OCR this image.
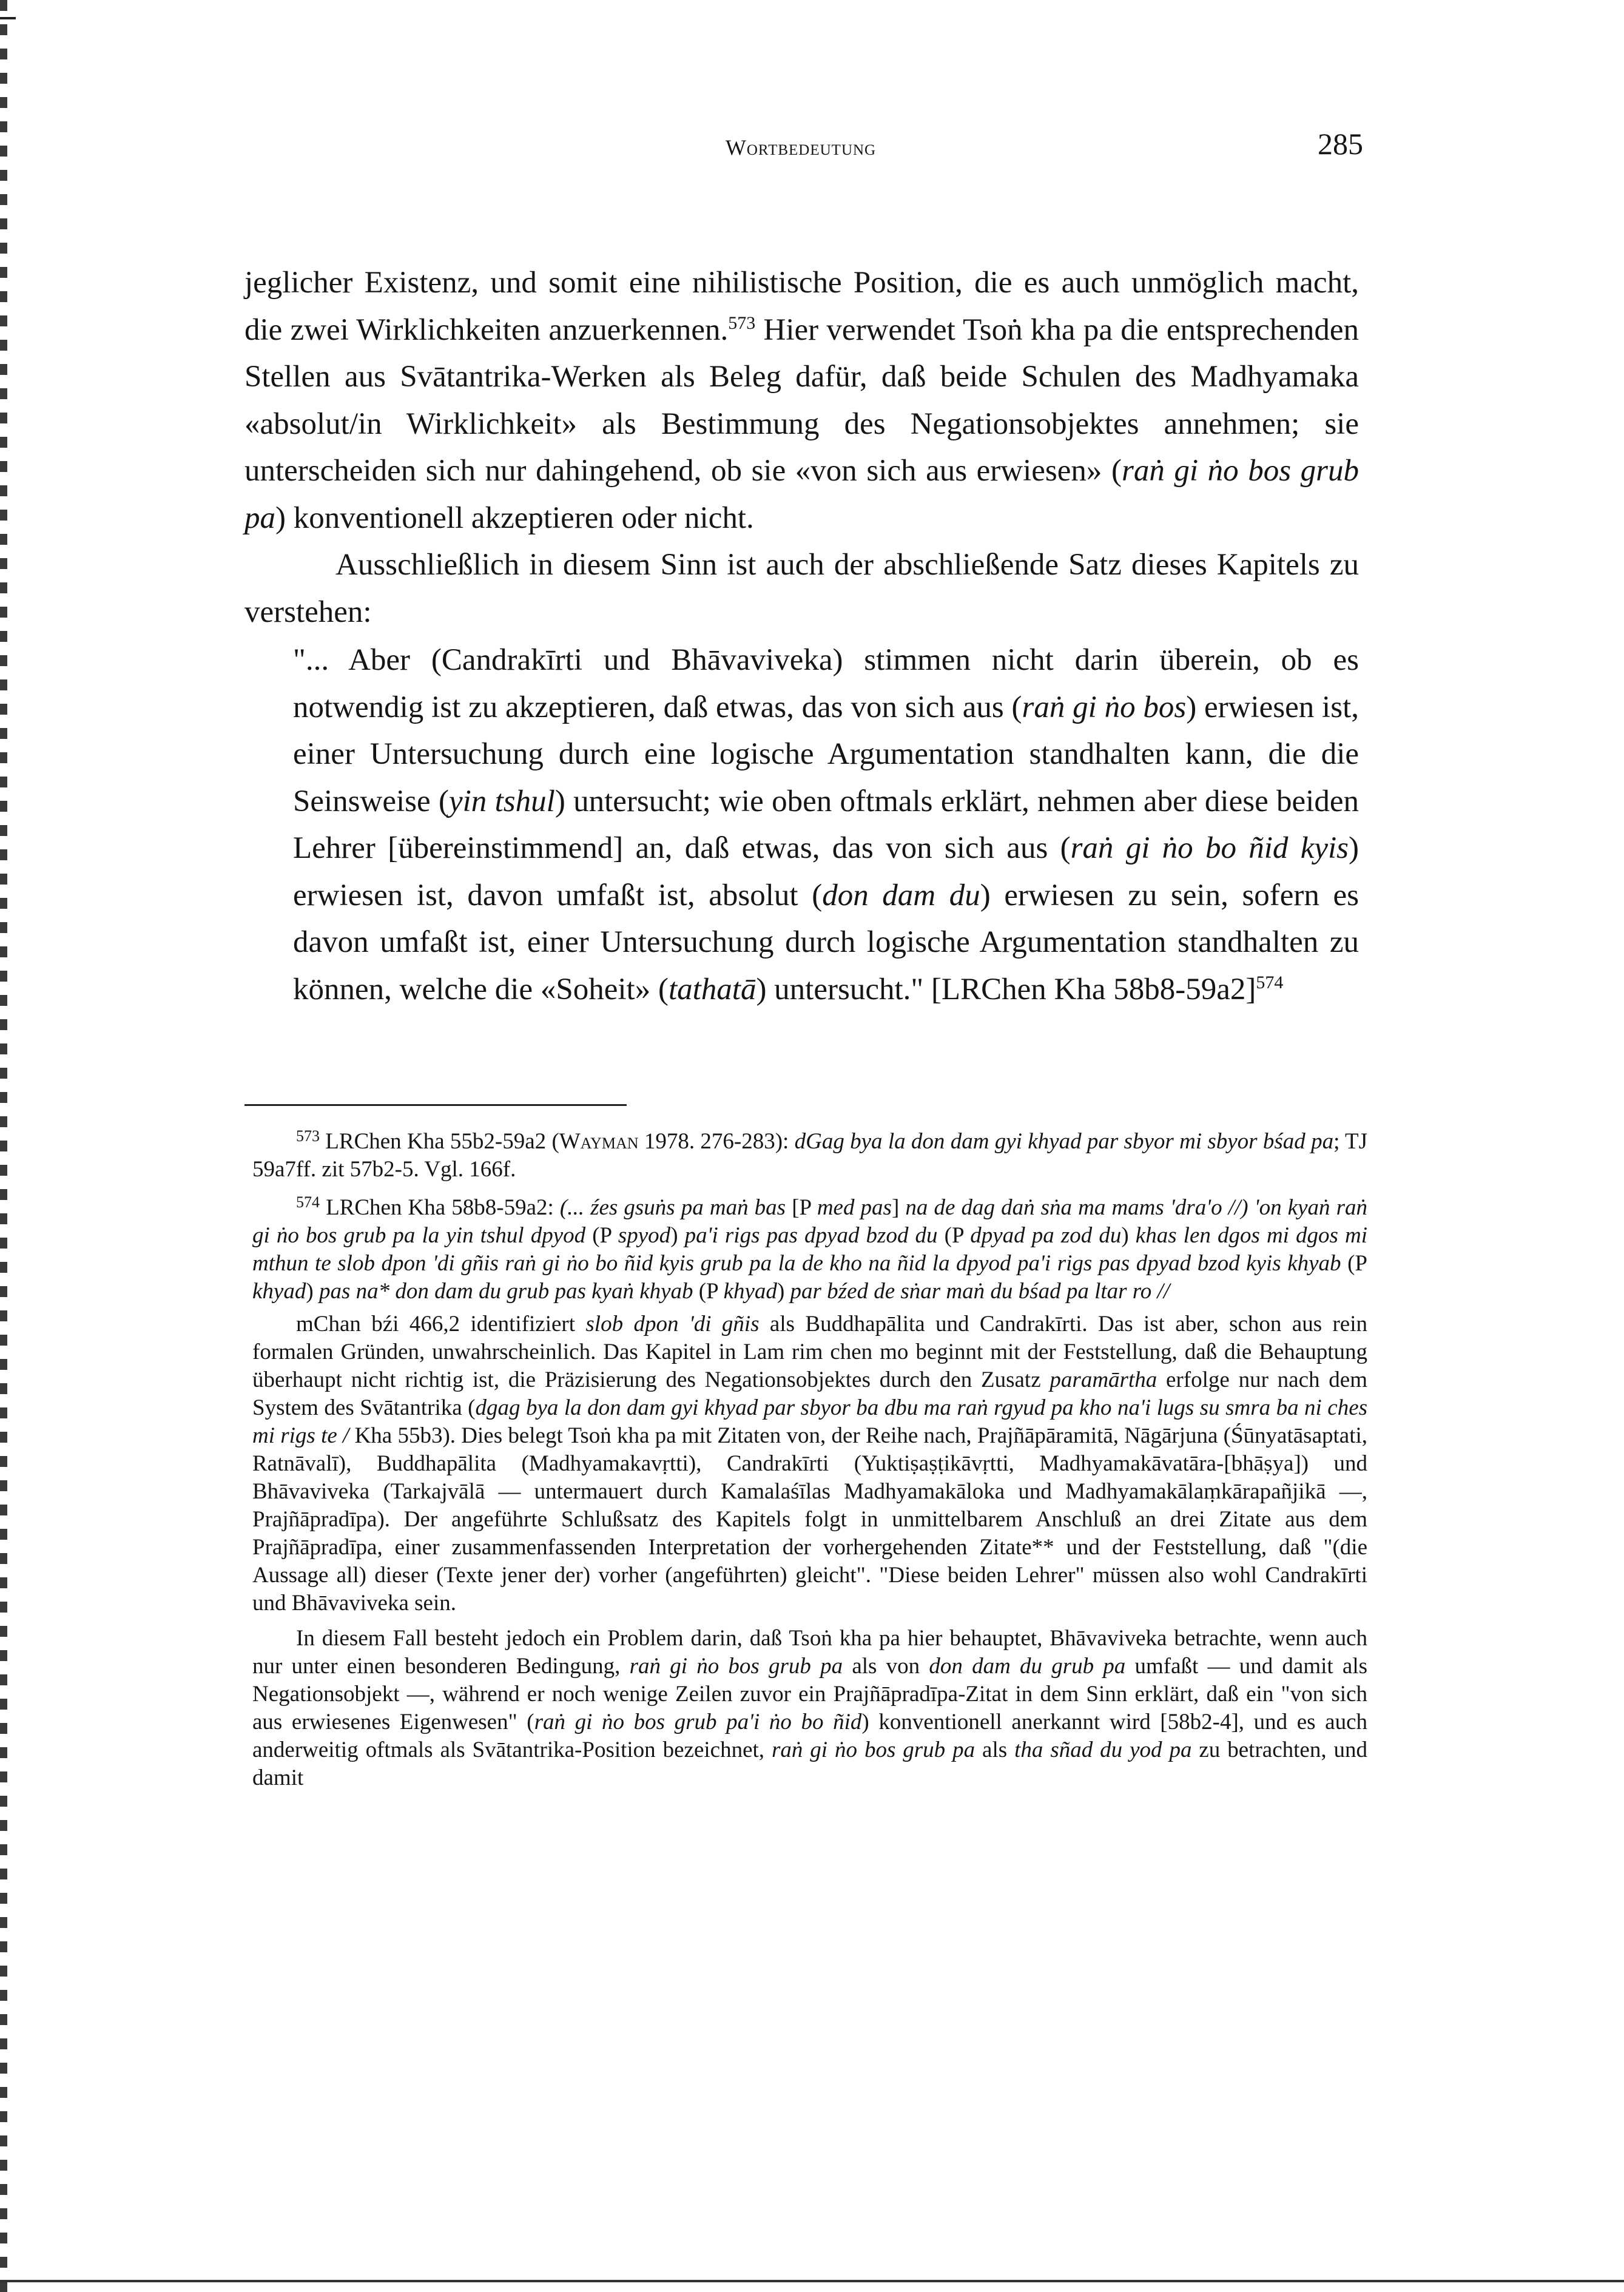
Wortbedeutung	285

jeglicher Existenz, und somit eine nihilistische Position, die es auch unmöglich macht, die zwei Wirklichkeiten anzuerkennen.$^{573}$ Hier verwendet Tsoṅ kha pa die entsprechenden Stellen aus Svātantrika-Werken als Beleg dafür, daß beide Schulen des Madhyamaka «absolut/in Wirklichkeit» als Bestimmung des Negationsobjektes annehmen; sie unterscheiden sich nur dahingehend, ob sie «von sich aus erwiesen» (raṅ gi ṅo bos grub pa) konventionell akzeptieren oder nicht.

Ausschließlich in diesem Sinn ist auch der abschließende Satz dieses Kapitels zu verstehen:

"... Aber (Candrakīrti und Bhāvaviveka) stimmen nicht darin überein, ob es notwendig ist zu akzeptieren, daß etwas, das von sich aus (raṅ gi ṅo bos) erwiesen ist, einer Untersuchung durch eine logische Argumentation standhalten kann, die die Seinsweise (yin tshul) untersucht; wie oben oftmals erklärt, nehmen aber diese beiden Lehrer [übereinstimmend] an, daß etwas, das von sich aus (raṅ gi ṅo bo ñid kyis) erwiesen ist, davon umfaßt ist, absolut (don dam du) erwiesen zu sein, sofern es davon umfaßt ist, einer Untersuchung durch logische Argumentation standhalten zu können, welche die «Soheit» (tathatā) untersucht." [LRChen Kha 58b8-59a2]$^{574}$

$^{573}$ LRChen Kha 55b2-59a2 (Wayman 1978. 276-283): dGag bya la don dam gyi khyad par sbyor mi sbyor bśad pa; TJ 59a7ff. zit 57b2-5. Vgl. 166f.

$^{574}$ LRChen Kha 58b8-59a2: (... źes gsuṅs pa maṅ bas [P med pas] na de dag daṅ sṅa ma mams 'dra'o //) 'on kyaṅ raṅ gi ṅo bos grub pa la yin tshul dpyod (P spyod) pa'i rigs pas dpyad bzod du (P dpyad pa zod du) khas len dgos mi dgos mi mthun te slob dpon 'di gñis raṅ gi ṅo bo ñid kyis grub pa la de kho na ñid la dpyod pa'i rigs pas dpyad bzod kyis khyab (P khyad) pas na* don dam du grub pas kyaṅ khyab (P khyad) par bźed de sṅar maṅ du bśad pa ltar ro //

mChan bźi 466,2 identifiziert slob dpon 'di gñis als Buddhapālita und Candrakīrti. Das ist aber, schon aus rein formalen Gründen, unwahrscheinlich. Das Kapitel in Lam rim chen mo beginnt mit der Feststellung, daß die Behauptung überhaupt nicht richtig ist, die Präzisierung des Negationsobjektes durch den Zusatz paramārtha erfolge nur nach dem System des Svātantrika (dgag bya la don dam gyi khyad par sbyor ba dbu ma raṅ rgyud pa kho na'i lugs su smra ba ni ches mi rigs te / Kha 55b3). Dies belegt Tsoṅ kha pa mit Zitaten von, der Reihe nach, Prajñāpāramitā, Nāgārjuna (Śūnyatāsaptati, Ratnāvalī), Buddhapālita (Madhyamakavṛtti), Candrakīrti (Yuktiṣaṣṭikāvṛtti, Madhyamakāvatāra-[bhāṣya]) und Bhāvaviveka (Tarkajvālā — untermauert durch Kamalaśīlas Madhyamakāloka und Madhyamakālaṃkārapañjikā —, Prajñāpradīpa). Der angeführte Schlußsatz des Kapitels folgt in unmittelbarem Anschluß an drei Zitate aus dem Prajñāpradīpa, einer zusammenfassenden Interpretation der vorhergehenden Zitate** und der Feststellung, daß "(die Aussage all) dieser (Texte jener der) vorher (angeführten) gleicht". "Diese beiden Lehrer" müssen also wohl Candrakīrti und Bhāvaviveka sein.

In diesem Fall besteht jedoch ein Problem darin, daß Tsoṅ kha pa hier behauptet, Bhāvaviveka betrachte, wenn auch nur unter einen besonderen Bedingung, raṅ gi ṅo bos grub pa als von don dam du grub pa umfaßt — und damit als Negationsobjekt —, während er noch wenige Zeilen zuvor ein Prajñāpradīpa-Zitat in dem Sinn erklärt, daß ein "von sich aus erwiesenes Eigenwesen" (raṅ gi ṅo bos grub pa'i ṅo bo ñid) konventionell anerkannt wird [58b2-4], und es auch anderweitig oftmals als Svātantrika-Position bezeichnet, raṅ gi ṅo bos grub pa als tha sñad du yod pa zu betrachten, und damit
